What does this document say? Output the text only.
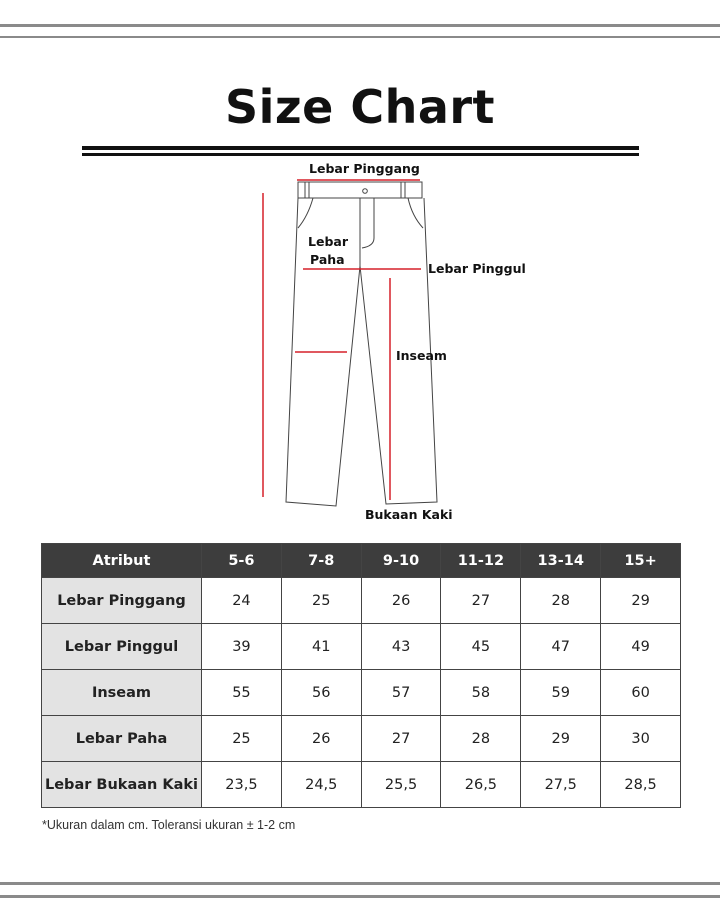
Size Chart
Lebar Pinggang
Lebar
Paha
Lebar Pinggul
Inseam
Bukaan Kaki
Atribut	5-6	7-8	9-10	11-12	13-14	15+
Lebar Pinggang	24	25	26	27	28	29
Lebar Pinggul	39	41	43	45	47	49
Inseam	55	56	57	58	59	60
Lebar Paha	25	26	27	28	29	30
Lebar Bukaan Kaki	23,5	24,5	25,5	26,5	27,5	28,5
*Ukuran dalam cm. Toleransi ukuran ± 1-2 cm
